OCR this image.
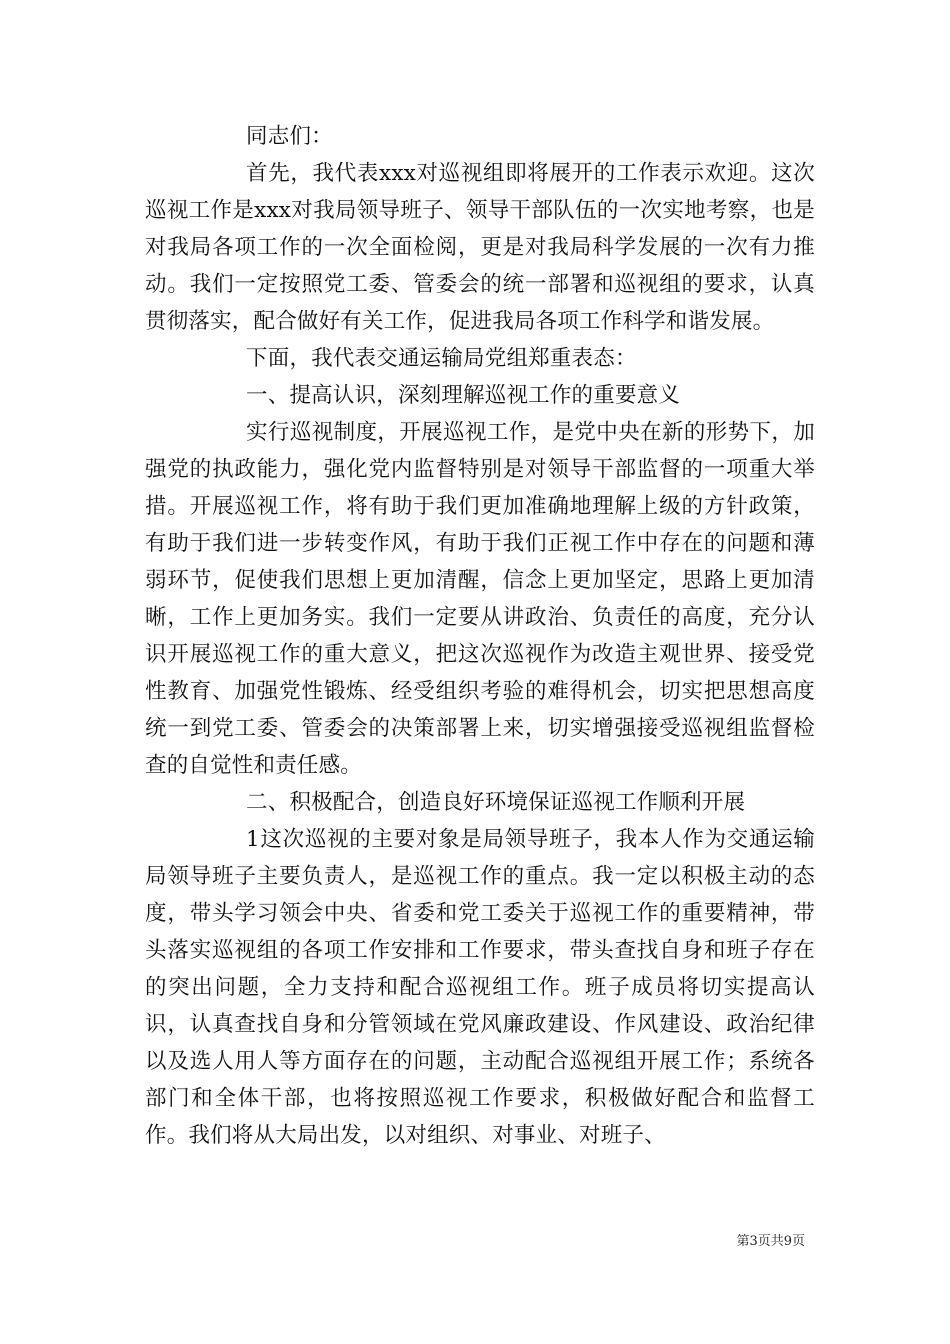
同志们：

首先，我代表xxx对巡视组即将展开的工作表示欢迎。这次巡视工作是xxx对我局领导班子、领导干部队伍的一次实地考察，也是对我局各项工作的一次全面检阅，更是对我局科学发展的一次有力推动。我们一定按照党工委、管委会的统一部署和巡视组的要求，认真贯彻落实，配合做好有关工作，促进我局各项工作科学和谐发展。

下面，我代表交通运输局党组郑重表态：

一、提高认识，深刻理解巡视工作的重要意义

实行巡视制度，开展巡视工作，是党中央在新的形势下，加强党的执政能力，强化党内监督特别是对领导干部监督的一项重大举措。开展巡视工作，将有助于我们更加准确地理解上级的方针政策，有助于我们进一步转变作风，有助于我们正视工作中存在的问题和薄弱环节，促使我们思想上更加清醒，信念上更加坚定，思路上更加清晰，工作上更加务实。我们一定要从讲政治、负责任的高度，充分认识开展巡视工作的重大意义，把这次巡视作为改造主观世界、接受党性教育、加强党性锻炼、经受组织考验的难得机会，切实把思想高度统一到党工委、管委会的决策部署上来，切实增强接受巡视组监督检查的自觉性和责任感。

二、积极配合，创造良好环境保证巡视工作顺利开展

1这次巡视的主要对象是局领导班子，我本人作为交通运输局领导班子主要负责人，是巡视工作的重点。我一定以积极主动的态度，带头学习领会中央、省委和党工委关于巡视工作的重要精神，带头落实巡视组的各项工作安排和工作要求，带头查找自身和班子存在的突出问题，全力支持和配合巡视组工作。班子成员将切实提高认识，认真查找自身和分管领域在党风廉政建设、作风建设、政治纪律以及选人用人等方面存在的问题，主动配合巡视组开展工作；系统各部门和全体干部，也将按照巡视工作要求，积极做好配合和监督工作。我们将从大局出发，以对组织、对事业、对班子、

第3页共9页
